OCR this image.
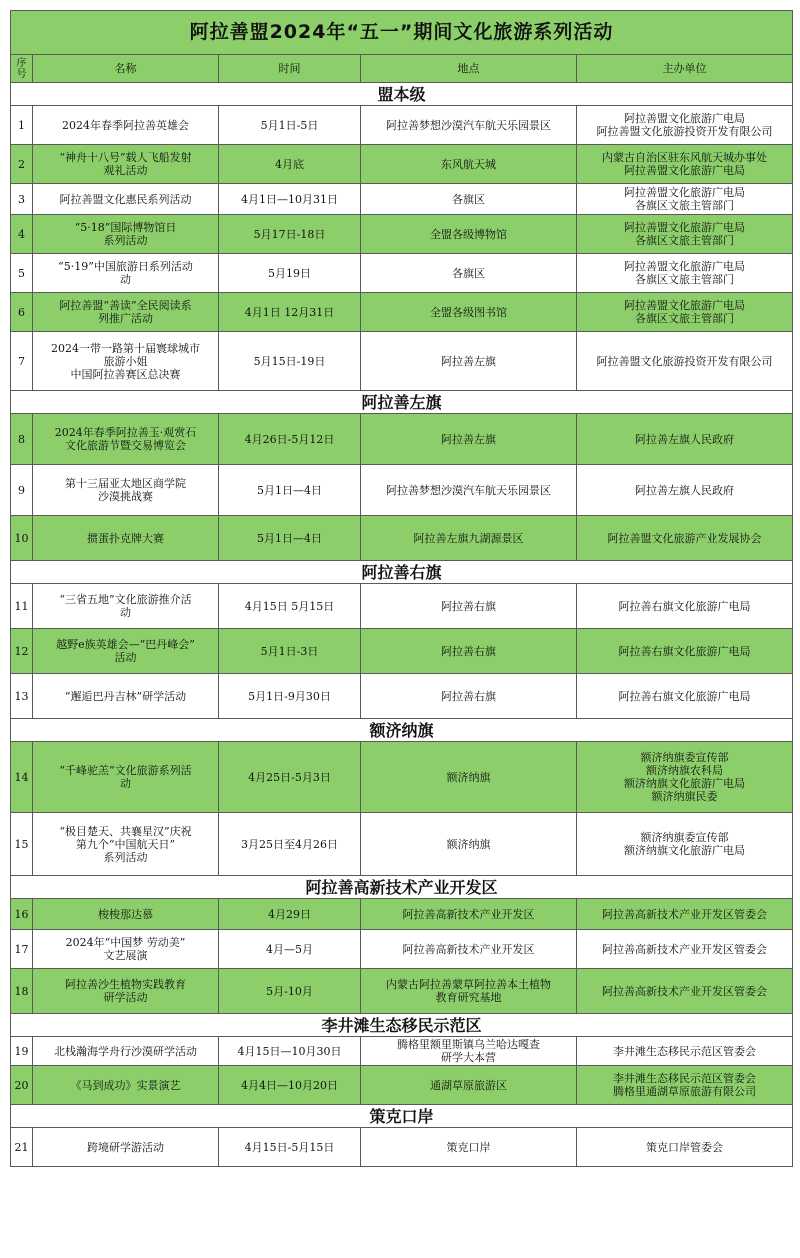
阿拉善盟2024年“五一”期间文化旅游系列活动				
序号	名称	时间	地点	主办单位
盟本级				
1	2024年春季阿拉善英雄会	5月1日-5日	阿拉善梦想沙漠汽车航天乐园景区	阿拉善盟文化旅游广电局
阿拉善盟文化旅游投资开发有限公司
2	“神舟十八号”载人飞船发射
观礼活动	4月底	东风航天城	内蒙古自治区驻东风航天城办事处
阿拉善盟文化旅游广电局
3	阿拉善盟文化惠民系列活动	4月1日—10月31日	各旗区	阿拉善盟文化旅游广电局
各旗区文旅主管部门
4	“5·18”国际博物馆日
系列活动	5月17日-18日	全盟各级博物馆	阿拉善盟文化旅游广电局
各旗区文旅主管部门
5	“5·19”中国旅游日系列活动
动	5月19日	各旗区	阿拉善盟文化旅游广电局
各旗区文旅主管部门
6	阿拉善盟“善读”全民阅读系
列推广活动	4月1日 12月31日	全盟各级图书馆	阿拉善盟文化旅游广电局
各旗区文旅主管部门
7	2024一带一路第十届寰球城市
旅游小姐
中国阿拉善赛区总决赛	5月15日-19日	阿拉善左旗	阿拉善盟文化旅游投资开发有限公司
阿拉善左旗				
8	2024年春季阿拉善玉·观赏石
文化旅游节暨交易博览会	4月26日-5月12日	阿拉善左旗	阿拉善左旗人民政府
9	第十三届亚太地区商学院
沙漠挑战赛	5月1日—4日	阿拉善梦想沙漠汽车航天乐园景区	阿拉善左旗人民政府
10	掼蛋扑克牌大赛	5月1日—4日	阿拉善左旗九湖源景区	阿拉善盟文化旅游产业发展协会
阿拉善右旗				
11	“三省五地”文化旅游推介活
动	4月15日 5月15日	阿拉善右旗	阿拉善右旗文化旅游广电局
12	越野e族英雄会—“巴丹峰会”
活动	5月1日-3日	阿拉善右旗	阿拉善右旗文化旅游广电局
13	“邂逅巴丹吉林”研学活动	5月1日-9月30日	阿拉善右旗	阿拉善右旗文化旅游广电局
额济纳旗				
14	“千峰驼羔”文化旅游系列活
动	4月25日-5月3日	额济纳旗	额济纳旗委宣传部
额济纳旗农科局
额济纳旗文化旅游广电局
额济纳旗民委
15	“极目楚天、共襄星汉”庆祝
第九个“中国航天日”
系列活动	3月25日至4月26日	额济纳旗	额济纳旗委宣传部
额济纳旗文化旅游广电局
阿拉善高新技术产业开发区				
16	梭梭那达慕	4月29日	阿拉善高新技术产业开发区	阿拉善高新技术产业开发区管委会
17	2024年“中国梦 劳动美”
文艺展演	4月—5月	阿拉善高新技术产业开发区	阿拉善高新技术产业开发区管委会
18	阿拉善沙生植物实践教育
研学活动	5月-10月	内蒙古阿拉善蒙草阿拉善本土植物
教育研究基地	阿拉善高新技术产业开发区管委会
李井滩生态移民示范区				
19	北栈瀚海学舟行沙漠研学活动	4月15日—10月30日	腾格里额里斯镇乌兰哈达嘎查
研学大本营	李井滩生态移民示范区管委会
20	《马到成功》实景演艺	4月4日—10月20日	通湖草原旅游区	李井滩生态移民示范区管委会
腾格里通湖草原旅游有限公司
策克口岸				
21	跨境研学游活动	4月15日-5月15日	策克口岸	策克口岸管委会
